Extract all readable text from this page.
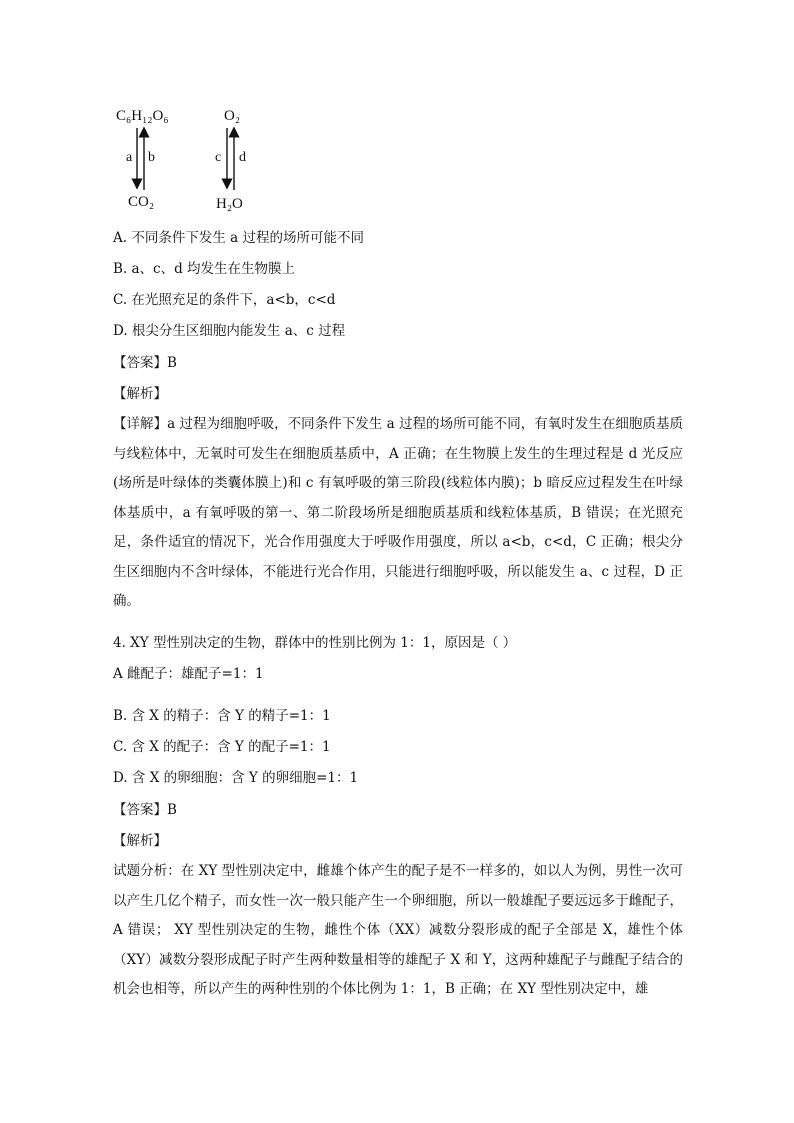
C₆H₁₂O₆
CO₂
a b
O₂
H₂O
c d
A. 不同条件下发生 a 过程的场所可能不同
B. a、c、d 均发生在生物膜上
C. 在光照充足的条件下，a<b，c<d
D. 根尖分生区细胞内能发生 a、c 过程
【答案】B
【解析】
【详解】a 过程为细胞呼吸，不同条件下发生 a 过程的场所可能不同，有氧时发生在细胞质基质与线粒体中，无氧时可发生在细胞质基质中，A 正确；在生物膜上发生的生理过程是 d 光反应(场所是叶绿体的类囊体膜上)和 c 有氧呼吸的第三阶段(线粒体内膜)；b 暗反应过程发生在叶绿体基质中，a 有氧呼吸的第一、第二阶段场所是细胞质基质和线粒体基质，B 错误；在光照充足，条件适宜的情况下，光合作用强度大于呼吸作用强度，所以 a<b，c<d，C 正确；根尖分生区细胞内不含叶绿体，不能进行光合作用，只能进行细胞呼吸，所以能发生 a、c 过程，D 正确。
4. XY 型性别决定的生物，群体中的性别比例为 1：1，原因是（ ）
A 雌配子：雄配子=1：1
B. 含 X 的精子：含 Y 的精子=1：1
C. 含 X 的配子：含 Y 的配子=1：1
D. 含 X 的卵细胞：含 Y 的卵细胞=1：1
【答案】B
【解析】
试题分析：在 XY 型性别决定中，雌雄个体产生的配子是不一样多的，如以人为例，男性一次可以产生几亿个精子，而女性一次一般只能产生一个卵细胞，所以一般雄配子要远远多于雌配子，A 错误； XY 型性别决定的生物，雌性个体（XX）减数分裂形成的配子全部是 X，雄性个体（XY）减数分裂形成配子时产生两种数量相等的雄配子 X 和 Y，这两种雄配子与雌配子结合的机会也相等，所以产生的两种性别的个体比例为 1：1，B 正确；在 XY 型性别决定中，雄
